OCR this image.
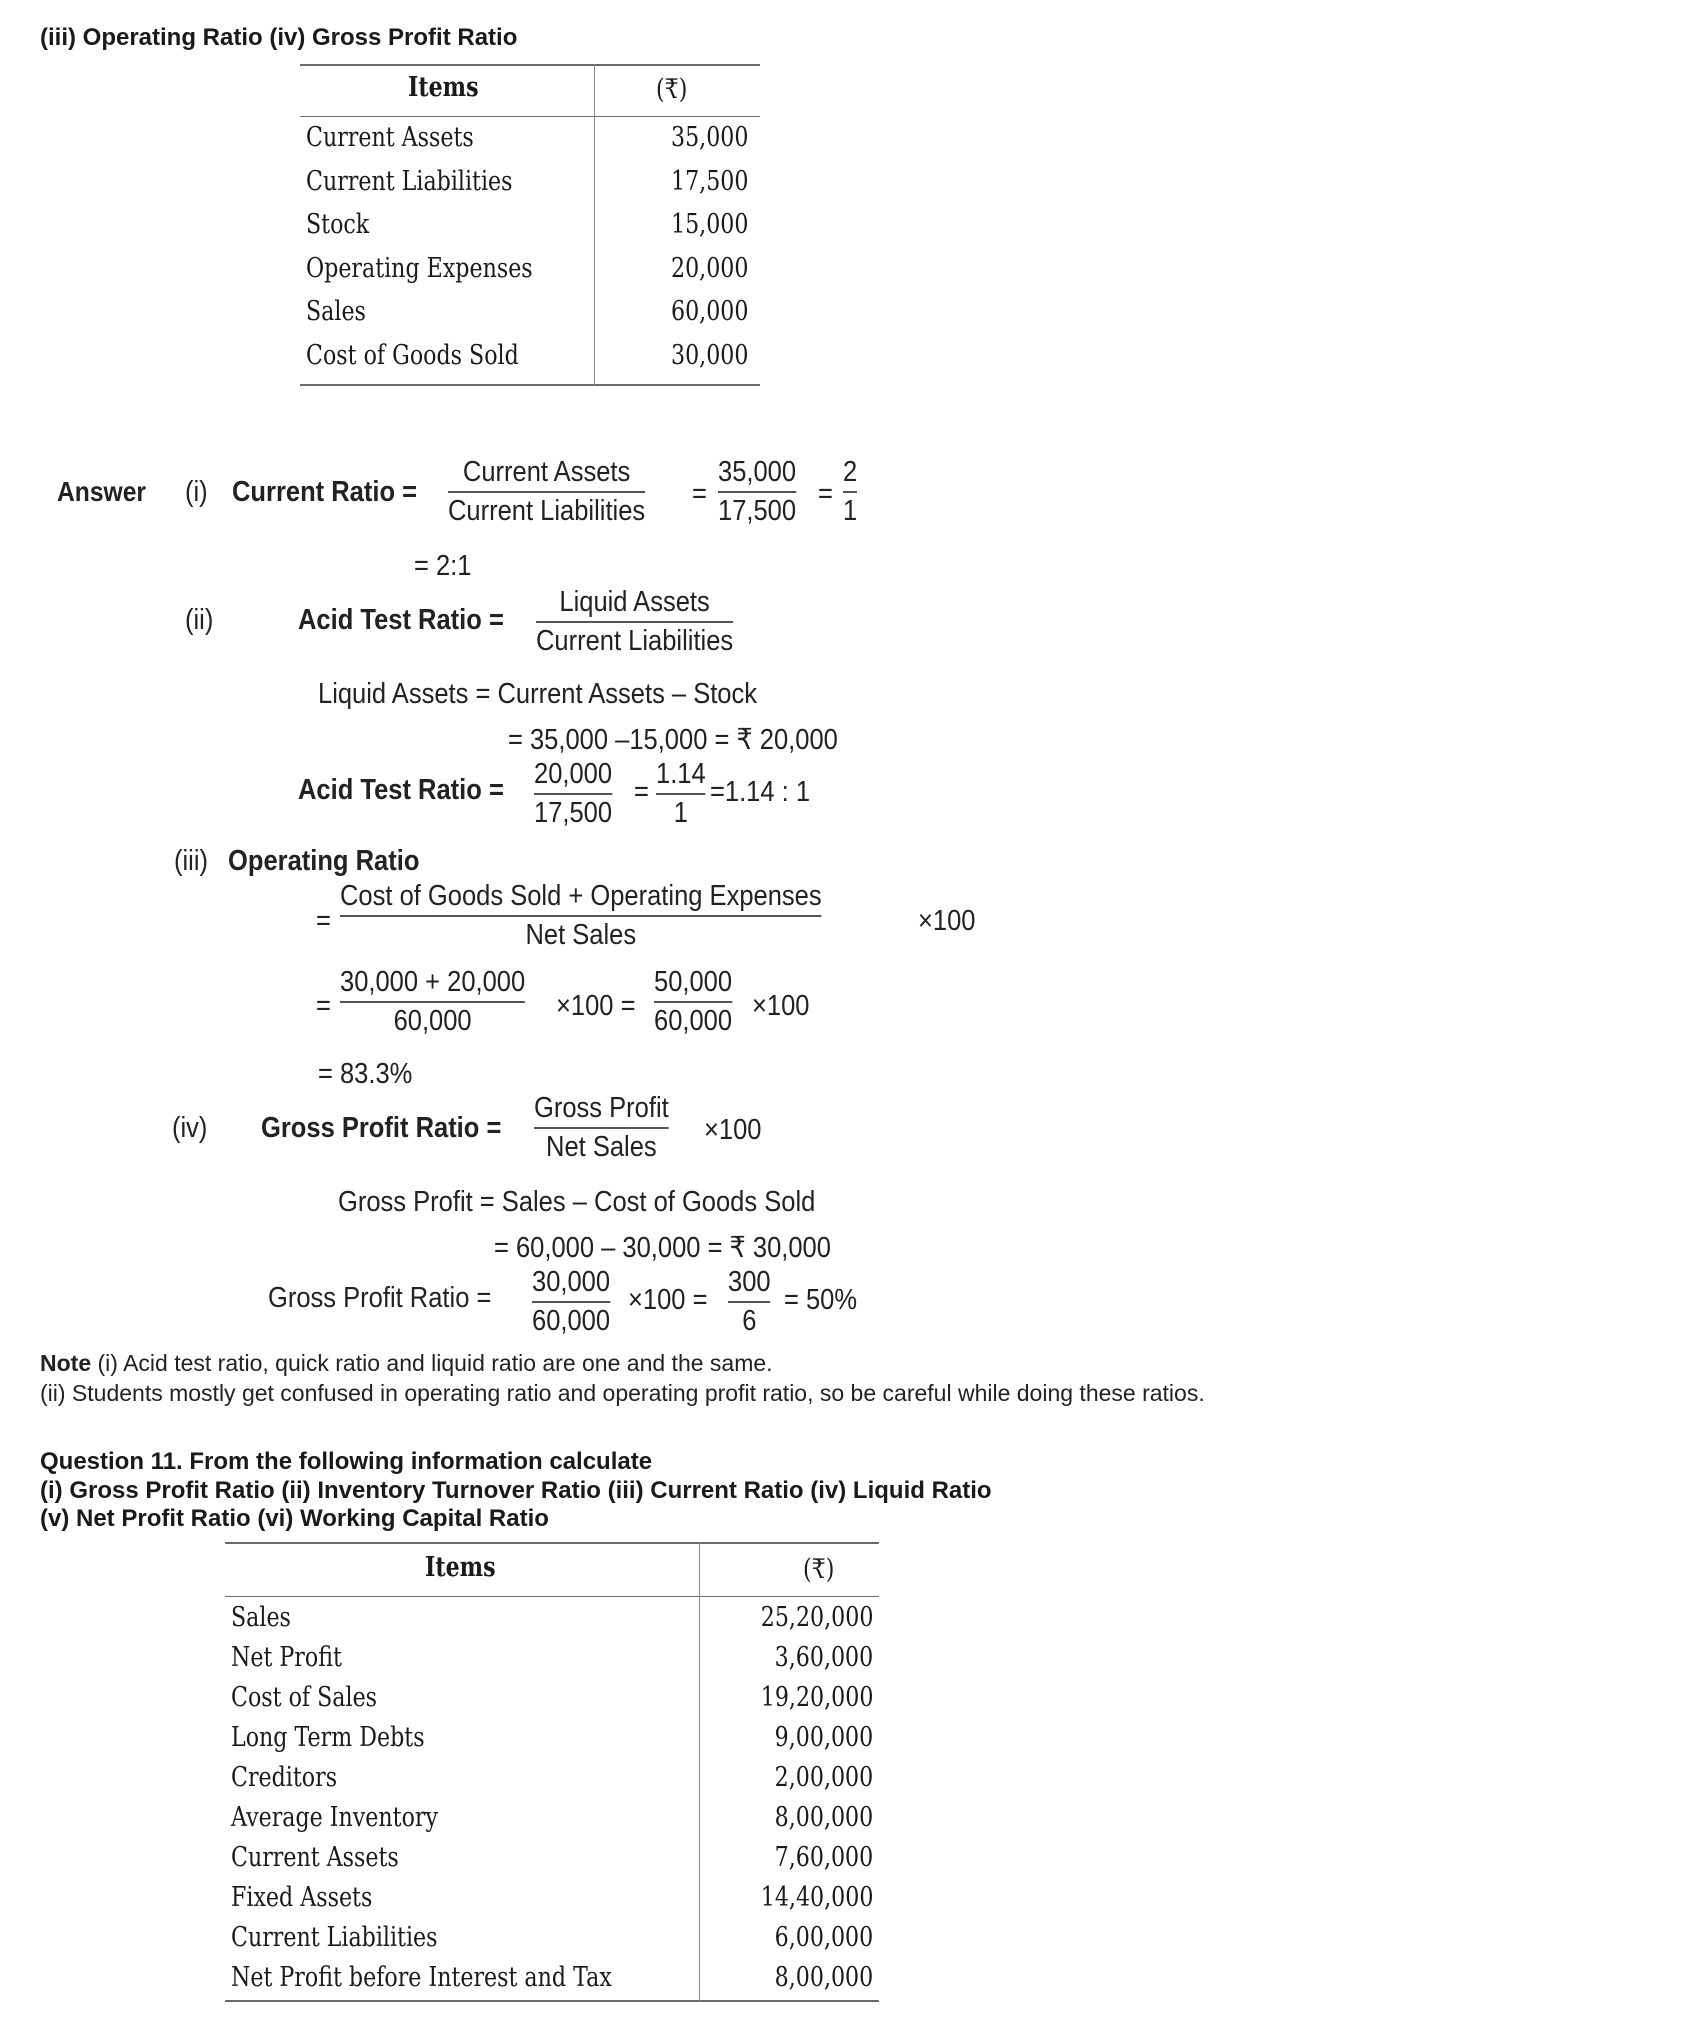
(iii) Operating Ratio (iv) Gross Profit Ratio
Items	(₹)
Current Assets	35,000
Current Liabilities	17,500
Stock	15,000
Operating Expenses	20,000
Sales	60,000
Cost of Goods Sold	30,000
Answer (i) Current Ratio =
Current Assets
Current Liabilities
=
35,000
17,500
=
2
1
= 2:1
(ii)	Acid Test Ratio =
Liquid Assets
Current Liabilities
Liquid Assets = Current Assets – Stock
= 35,000 –15,000 = ₹ 20,000
Acid Test Ratio = 20,000
17,500
=
1.14
1
=1.14 : 1
(iii) Operating Ratio
=
Cost of Goods Sold + Operating Expenses
Net Sales	×100
=
30,000 + 20,000
60,000	×100 =
50,000
60,000 ×100
= 83.3%
(iv) Gross Profit Ratio =
Gross Profit
Net Sales
×100
Gross Profit = Sales – Cost of Goods Sold
= 60,000 – 30,000 = ₹ 30,000
Gross Profit Ratio = 30,000
60,000
×100 =
300
6
= 50%
Note (i) Acid test ratio, quick ratio and liquid ratio are one and the same.
(ii) Students mostly get confused in operating ratio and operating profit ratio, so be careful while doing these ratios.
Question 11. From the following information calculate
(i) Gross Profit Ratio (ii) Inventory Turnover Ratio (iii) Current Ratio (iv) Liquid Ratio
(v) Net Profit Ratio (vi) Working Capital Ratio
Items	(₹)
Sales	25,20,000
Net Profit	3,60,000
Cost of Sales	19,20,000
Long Term Debts	9,00,000
Creditors	2,00,000
Average Inventory	8,00,000
Current Assets	7,60,000
Fixed Assets	14,40,000
Current Liabilities	6,00,000
Net Profit before Interest and Tax	8,00,000
